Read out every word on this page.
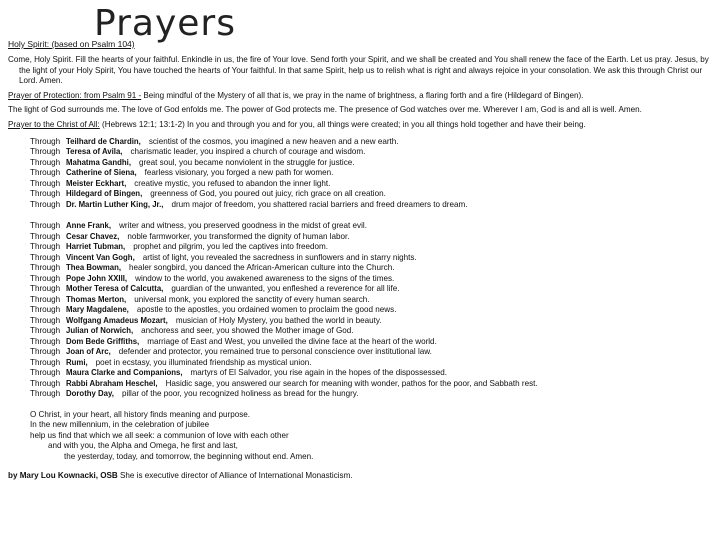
Prayers
Holy Spirit: (based on Psalm 104)
Come, Holy Spirit. Fill the hearts of your faithful. Enkindle in us, the fire of Your love. Send forth your Spirit, and we shall be created and You shall renew the face of the Earth. Let us pray. Jesus, by the light of your Holy Spirit, You have touched the hearts of Your faithful. In that same Spirit, help us to relish what is right and always rejoice in your consolation. We ask this through Christ our Lord. Amen.
Prayer of Protection: from Psalm 91 - Being mindful of the Mystery of all that is, we pray in the name of brightness, a flaring forth and a fire (Hildegard of Bingen).
The light of God surrounds me. The love of God enfolds me. The power of God protects me. The presence of God watches over me. Wherever I am, God is and all is well. Amen.
Prayer to the Christ of All: (Hebrews 12:1; 13:1-2) In you and through you and for you, all things were created; in you all things hold together and have their being.
Through Teilhard de Chardin, scientist of the cosmos, you imagined a new heaven and a new earth.
Through Teresa of Avila, charismatic leader, you inspired a church of courage and wisdom.
Through Mahatma Gandhi, great soul, you became nonviolent in the struggle for justice.
Through Catherine of Siena, fearless visionary, you forged a new path for women.
Through Meister Eckhart, creative mystic, you refused to abandon the inner light.
Through Hildegard of Bingen, greenness of God, you poured out juicy, rich grace on all creation.
Through Dr. Martin Luther King, Jr., drum major of freedom, you shattered racial barriers and freed dreamers to dream.
Through Anne Frank, writer and witness, you preserved goodness in the midst of great evil.
Through Cesar Chavez, noble farmworker, you transformed the dignity of human labor.
Through Harriet Tubman, prophet and pilgrim, you led the captives into freedom.
Through Vincent Van Gogh, artist of light, you revealed the sacredness in sunflowers and in starry nights.
Through Thea Bowman, healer songbird, you danced the African-American culture into the Church.
Through Pope John XXIII, window to the world, you awakened awareness to the signs of the times.
Through Mother Teresa of Calcutta, guardian of the unwanted, you enfleshed a reverence for all life.
Through Thomas Merton, universal monk, you explored the sanctity of every human search.
Through Mary Magdalene, apostle to the apostles, you ordained women to proclaim the good news.
Through Wolfgang Amadeus Mozart, musician of Holy Mystery, you bathed the world in beauty.
Through Julian of Norwich, anchoress and seer, you showed the Mother image of God.
Through Dom Bede Griffiths, marriage of East and West, you unveiled the divine face at the heart of the world.
Through Joan of Arc, defender and protector, you remained true to personal conscience over institutional law.
Through Rumi, poet in ecstasy, you illuminated friendship as mystical union.
Through Maura Clarke and Companions, martyrs of El Salvador, you rise again in the hopes of the dispossessed.
Through Rabbi Abraham Heschel, Hasidic sage, you answered our search for meaning with wonder, pathos for the poor, and Sabbath rest.
Through Dorothy Day, pillar of the poor, you recognized holiness as bread for the hungry.
O Christ, in your heart, all history finds meaning and purpose.
In the new millennium, in the celebration of jubilee
help us find that which we all seek: a communion of love with each other
and with you, the Alpha and Omega, he first and last,
the yesterday, today, and tomorrow, the beginning without end. Amen.
by Mary Lou Kownacki, OSB She is executive director of Alliance of International Monasticism.
